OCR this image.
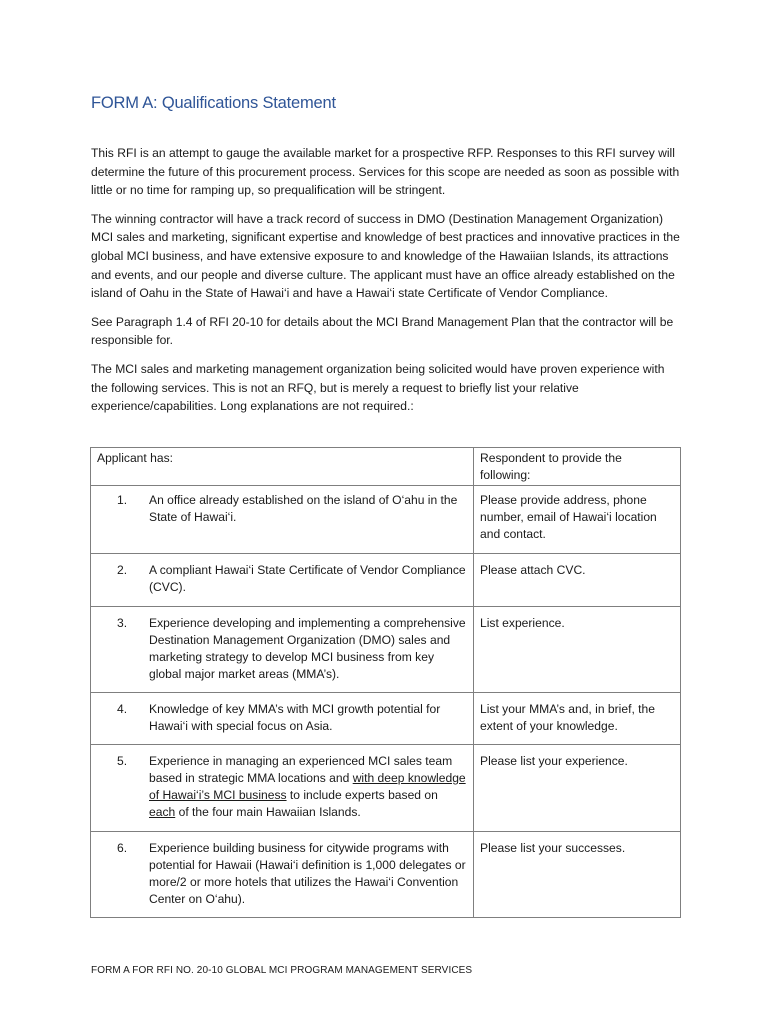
FORM A: Qualifications Statement

This RFI is an attempt to gauge the available market for a prospective RFP. Responses to this RFI survey will determine the future of this procurement process. Services for this scope are needed as soon as possible with little or no time for ramping up, so prequalification will be stringent.

The winning contractor will have a track record of success in DMO (Destination Management Organization) MCI sales and marketing, significant expertise and knowledge of best practices and innovative practices in the global MCI business, and have extensive exposure to and knowledge of the Hawaiian Islands, its attractions and events, and our people and diverse culture. The applicant must have an office already established on the island of Oahu in the State of Hawai‘i and have a Hawai‘i state Certificate of Vendor Compliance.

See Paragraph 1.4 of RFI 20-10 for details about the MCI Brand Management Plan that the contractor will be responsible for.

The MCI sales and marketing management organization being solicited would have proven experience with the following services. This is not an RFQ, but is merely a request to briefly list your relative experience/capabilities. Long explanations are not required.:

Applicant has:	Respondent to provide the following:

1. An office already established on the island of O‘ahu in the State of Hawai‘i.	Please provide address, phone number, email of Hawai‘i location and contact.

2. A compliant Hawai‘i State Certificate of Vendor Compliance (CVC).	Please attach CVC.

3. Experience developing and implementing a comprehensive Destination Management Organization (DMO) sales and marketing strategy to develop MCI business from key global major market areas (MMA’s).	List experience.

4. Knowledge of key MMA’s with MCI growth potential for Hawai‘i with special focus on Asia.	List your MMA’s and, in brief, the extent of your knowledge.

5. Experience in managing an experienced MCI sales team based in strategic MMA locations and with deep knowledge of Hawai‘i’s MCI business to include experts based on each of the four main Hawaiian Islands.	Please list your experience.

6. Experience building business for citywide programs with potential for Hawaii (Hawai‘i definition is 1,000 delegates or more/2 or more hotels that utilizes the Hawai‘i Convention Center on O‘ahu).	Please list your successes.
FORM A FOR RFI NO. 20-10 GLOBAL MCI PROGRAM MANAGEMENT SERVICES
